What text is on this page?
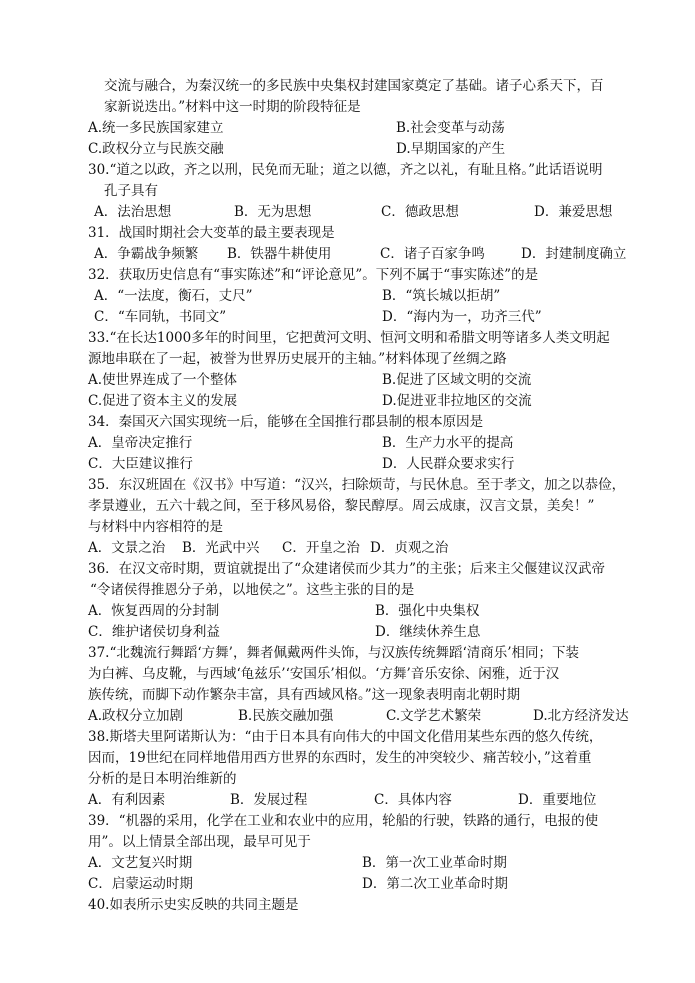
交流与融合，为秦汉统一的多民族中央集权封建国家奠定了基础。诸子心系天下，百
家新说迭出。”材料中这一时期的阶段特征是
A.统一多民族国家建立	B.社会变革与动荡
C.政权分立与民族交融	D.早期国家的产生
30.“道之以政，齐之以刑，民免而无耻；道之以德，齐之以礼，有耻且格。”此话语说明
孔子具有
A．法治思想	B．无为思想	C．德政思想	D．兼爱思想
31．战国时期社会大变革的最主要表现是
A．争霸战争频繁 B．铁器牛耕使用	C．诸子百家争鸣	D．封建制度确立
32．获取历史信息有“事实陈述”和“评论意见”。下列不属于“事实陈述”的是
A．“一法度，衡石，丈尺”	B．“筑长城以拒胡”
C．“车同轨，书同文”	D．“海内为一，功齐三代”
33.“在长达1000多年的时间里，它把黄河文明、恒河文明和希腊文明等诸多人类文明起
源地串联在了一起，被誉为世界历史展开的主轴。”材料体现了丝绸之路
A.使世界连成了一个整体	B.促进了区域文明的交流
C.促进了资本主义的发展	D.促进亚非拉地区的交流
34．秦国灭六国实现统一后，能够在全国推行郡县制的根本原因是
A．皇帝决定推行	B．生产力水平的提高
C．大臣建议推行	D．人民群众要求实行
35．东汉班固在《汉书》中写道：“汉兴，扫除烦苛，与民休息。至于孝文，加之以恭俭，
孝景遵业，五六十载之间，至于移风易俗，黎民醇厚。周云成康，汉言文景，美矣！”
与材料中内容相符的是
A．文景之治 B．光武中兴 C．开皇之治 D．贞观之治
36．在汉文帝时期，贾谊就提出了“众建诸侯而少其力”的主张；后来主父偃建议汉武帝
“令诸侯得推恩分子弟，以地侯之”。这些主张的目的是
A．恢复西周的分封制	B．强化中央集权
C．维护诸侯切身利益	D．继续休养生息
37.“北魏流行舞蹈‘方舞’，舞者佩戴两件头饰，与汉族传统舞蹈‘清商乐’相同；下装
为白裤、乌皮靴，与西域‘龟兹乐’‘安国乐’相似。‘方舞’音乐安徐、闲雅，近于汉
族传统，而脚下动作繁杂丰富，具有西域风格。”这一现象表明南北朝时期
A.政权分立加剧	B.民族交融加强	C.文学艺术繁荣	D.北方经济发达
38.斯塔夫里阿诺斯认为：“由于日本具有向伟大的中国文化借用某些东西的悠久传统，
因而，19世纪在同样地借用西方世界的东西时，发生的冲突较少、痛苦较小，”这着重
分析的是日本明治维新的
A．有利因素	B．发展过程	C．具体内容	D．重要地位
39．“机器的采用，化学在工业和农业中的应用，轮船的行驶，铁路的通行，电报的使
用”。以上情景全部出现，最早可见于
A．文艺复兴时期	B．第一次工业革命时期
C．启蒙运动时期	D．第二次工业革命时期
40.如表所示史实反映的共同主题是
